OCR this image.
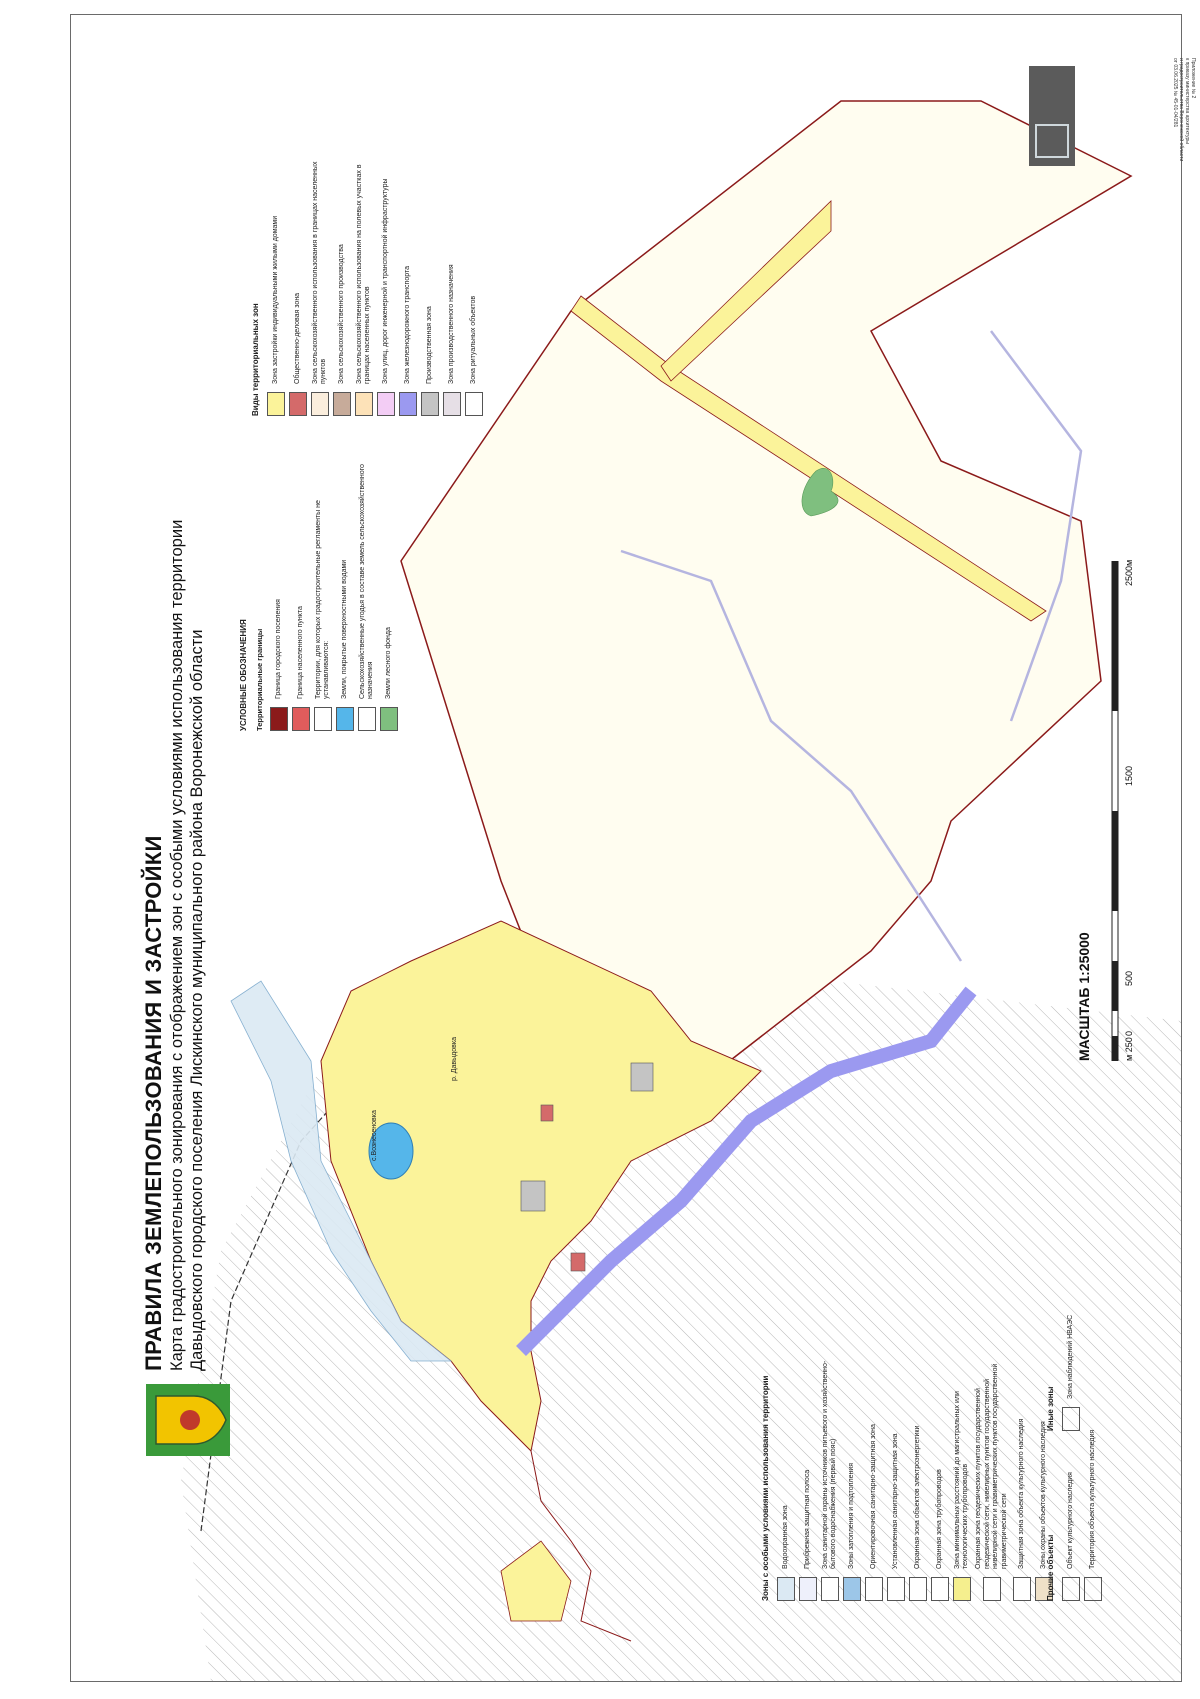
ПРАВИЛА ЗЕМЛЕПОЛЬЗОВАНИЯ И ЗАСТРОЙКИ Карта градостроительного зонирования с отображением зон с особыми условиями использования территории Давыдовского городского поселения Лискинского муниципального района Воронежской области	с.Вознесеновка
р. Давыдовка
УСЛОВНЫЕ ОБОЗНАЧЕНИЯ Территориальные границы Граница городского поселения Граница населенного пункта Территории, для которых градостроительные регламенты не устанавливаются: Земли, покрытые поверхностными водами Сельскохозяйственные угодья в составе земель сельскохозяйственного назначения Земли лесного фонда
Виды территориальных зон Зона застройки индивидуальными жилыми домами Общественно-деловая зона Зона сельскохозяйственного использования в границах населенных пунктов Зона сельскохозяйственного производства Зона сельскохозяйственного использования на полевых участках в границах населенных пунктов Зона улиц, дорог инженерной и транспортной инфраструктуры Зона железнодорожного транспорта Производственная зона Зона производственного назначения Зона ритуальных объектов
Зоны с особыми условиями использования территории Водоохранная зона Прибрежная защитная полоса Зона санитарной охраны источников питьевого и хозяйственно-бытового водоснабжения (первый пояс) Зоны затопления и подтопления Ориентировочная санитарно-защитная зона Установленная санитарно-защитная зона Охранная зона объектов электроэнергетики Охранная зона трубопроводов Зона минимальных расстояний до магистральных или технологических трубопроводов Охранная зона геодезических пунктов государственной геодезической сети, нивелирных пунктов государственной нивелирной сети и гравиметрических пунктов государственной гравиметрической сети Защитная зона объекта культурного наследия Зоны охраны объектов культурного наследия Прочие объекты Объект культурного наследия Территория объекта культурного наследия
Иные зоны
Зона наблюдений НВАЭС
МАСШТАБ 1:25000	м 250
0
500
1500
2500м
Приложение № 2
к приказу министерства архитектуры
и градостроительства Воронежской области
от 03.06.2025 № 45-01-04/281
